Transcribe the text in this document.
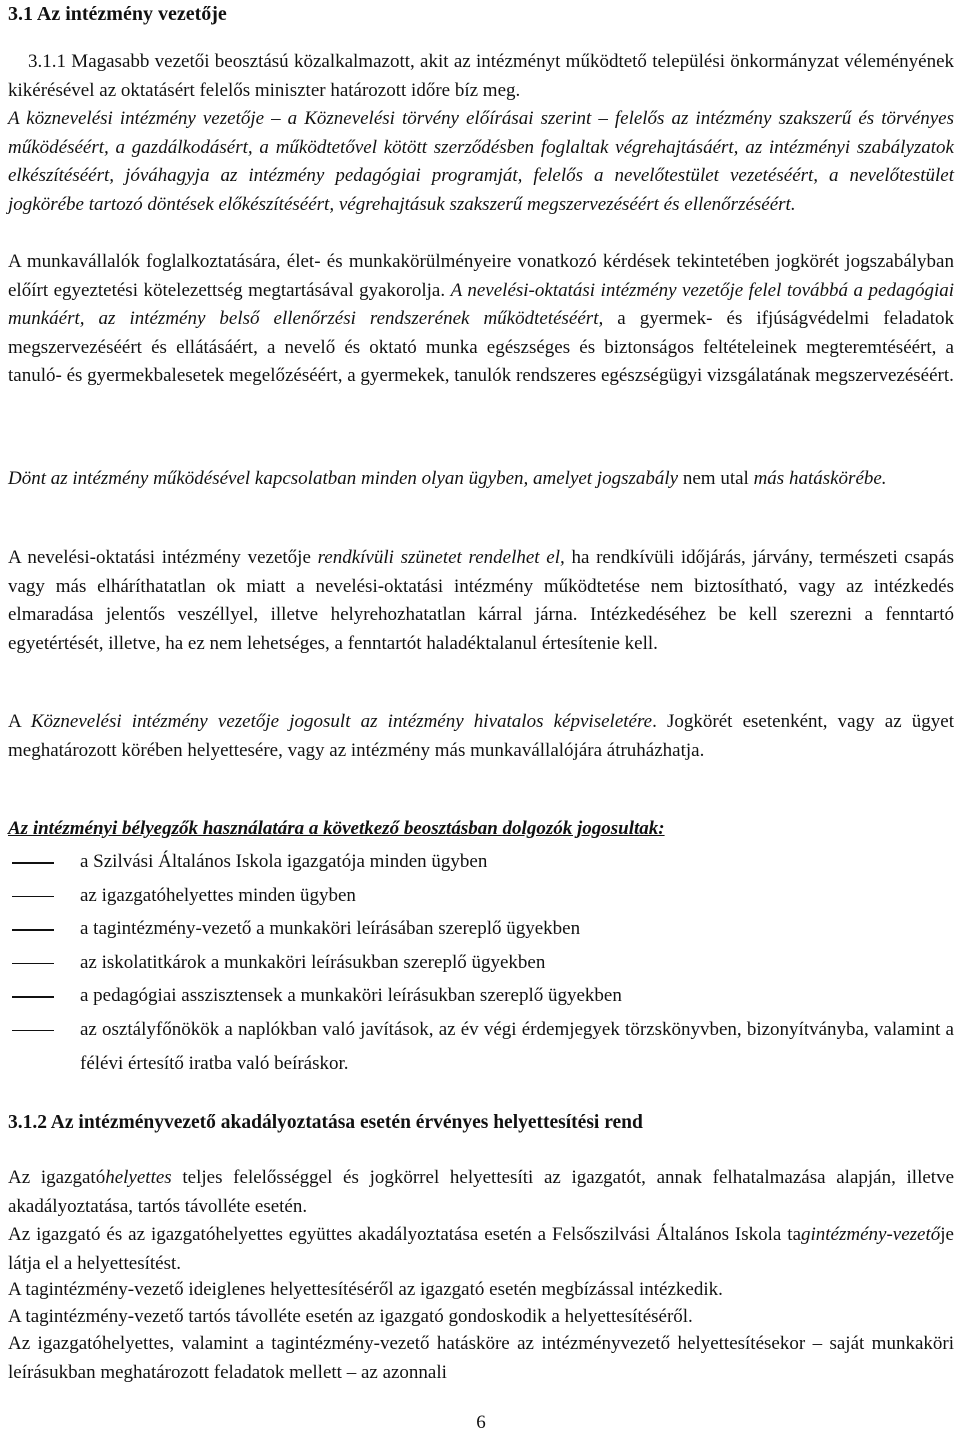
3.1 Az intézmény vezetője
3.1.1 Magasabb vezetői beosztású közalkalmazott, akit az intézményt működtető települési önkormányzat véleményének kikérésével az oktatásért felelős miniszter határozott időre bíz meg.
A köznevelési intézmény vezetője – a Köznevelési törvény előírásai szerint – felelős az intézmény szakszerű és törvényes működéséért, a gazdálkodásért, a működtetővel kötött szerződésben foglaltak végrehajtásáért, az intézményi szabályzatok elkészítéséért, jóváhagyja az intézmény pedagógiai programját, felelős a nevelőtestület vezetéséért, a nevelőtestület jogkörébe tartozó döntések előkészítéséért, végrehajtásuk szakszerű megszervezéséért és ellenőrzéséért.
A munkavállalók foglalkoztatására, élet- és munkakörülményeire vonatkozó kérdések tekintetében jogkörét jogszabályban előírt egyeztetési kötelezettség megtartásával gyakorolja. A nevelési-oktatási intézmény vezetője felel továbbá a pedagógiai munkáért, az intézmény belső ellenőrzési rendszerének működtetéséért, a gyermek- és ifjúságvédelmi feladatok megszervezéséért és ellátásáért, a nevelő és oktató munka egészséges és biztonságos feltételeinek megteremtéséért, a tanuló- és gyermekbalesetek megelőzéséért, a gyermekek, tanulók rendszeres egészségügyi vizsgálatának megszervezéséért.
Dönt az intézmény működésével kapcsolatban minden olyan ügyben, amelyet jogszabály nem utal más hatáskörébe.
A nevelési-oktatási intézmény vezetője rendkívüli szünetet rendelhet el, ha rendkívüli időjárás, járvány, természeti csapás vagy más elháríthatatlan ok miatt a nevelési-oktatási intézmény működtetése nem biztosítható, vagy az intézkedés elmaradása jelentős veszéllyel, illetve helyrehozhatatlan kárral járna. Intézkedéséhez be kell szerezni a fenntartó egyetértését, illetve, ha ez nem lehetséges, a fenntartót haladéktalanul értesítenie kell.
A Köznevelési intézmény vezetője jogosult az intézmény hivatalos képviseletére. Jogkörét esetenként, vagy az ügyet meghatározott körében helyettesére, vagy az intézmény más munkavállalójára átruházhatja.
Az intézményi bélyegzők használatára a következő beosztásban dolgozók jogosultak:
a Szilvási Általános Iskola igazgatója minden ügyben
az igazgatóhelyettes minden ügyben
a tagintézmény-vezető a munkaköri leírásában szereplő ügyekben
az iskolatitkárok a munkaköri leírásukban szereplő ügyekben
a pedagógiai asszisztensek a munkaköri leírásukban szereplő ügyekben
az osztályfőnökök a naplókban való javítások, az év végi érdemjegyek törzskönyvben, bizonyítványba, valamint a félévi értesítő iratba való beíráskor.
3.1.2 Az intézményvezető akadályoztatása esetén érvényes helyettesítési rend
Az igazgatóhelyettes teljes felelősséggel és jogkörrel helyettesíti az igazgatót, annak felhatalmazása alapján, illetve akadályoztatása, tartós távolléte esetén.
Az igazgató és az igazgatóhelyettes együttes akadályoztatása esetén a Felsőszilvási Általános Iskola tagintézmény-vezetője látja el a helyettesítést.
A tagintézmény-vezető ideiglenes helyettesítéséről az igazgató esetén megbízással intézkedik.
A tagintézmény-vezető tartós távolléte esetén az igazgató gondoskodik a helyettesítéséről.
Az igazgatóhelyettes, valamint a tagintézmény-vezető hatásköre az intézményvezető helyettesítésekor – saját munkaköri leírásukban meghatározott feladatok mellett – az azonnali
6
